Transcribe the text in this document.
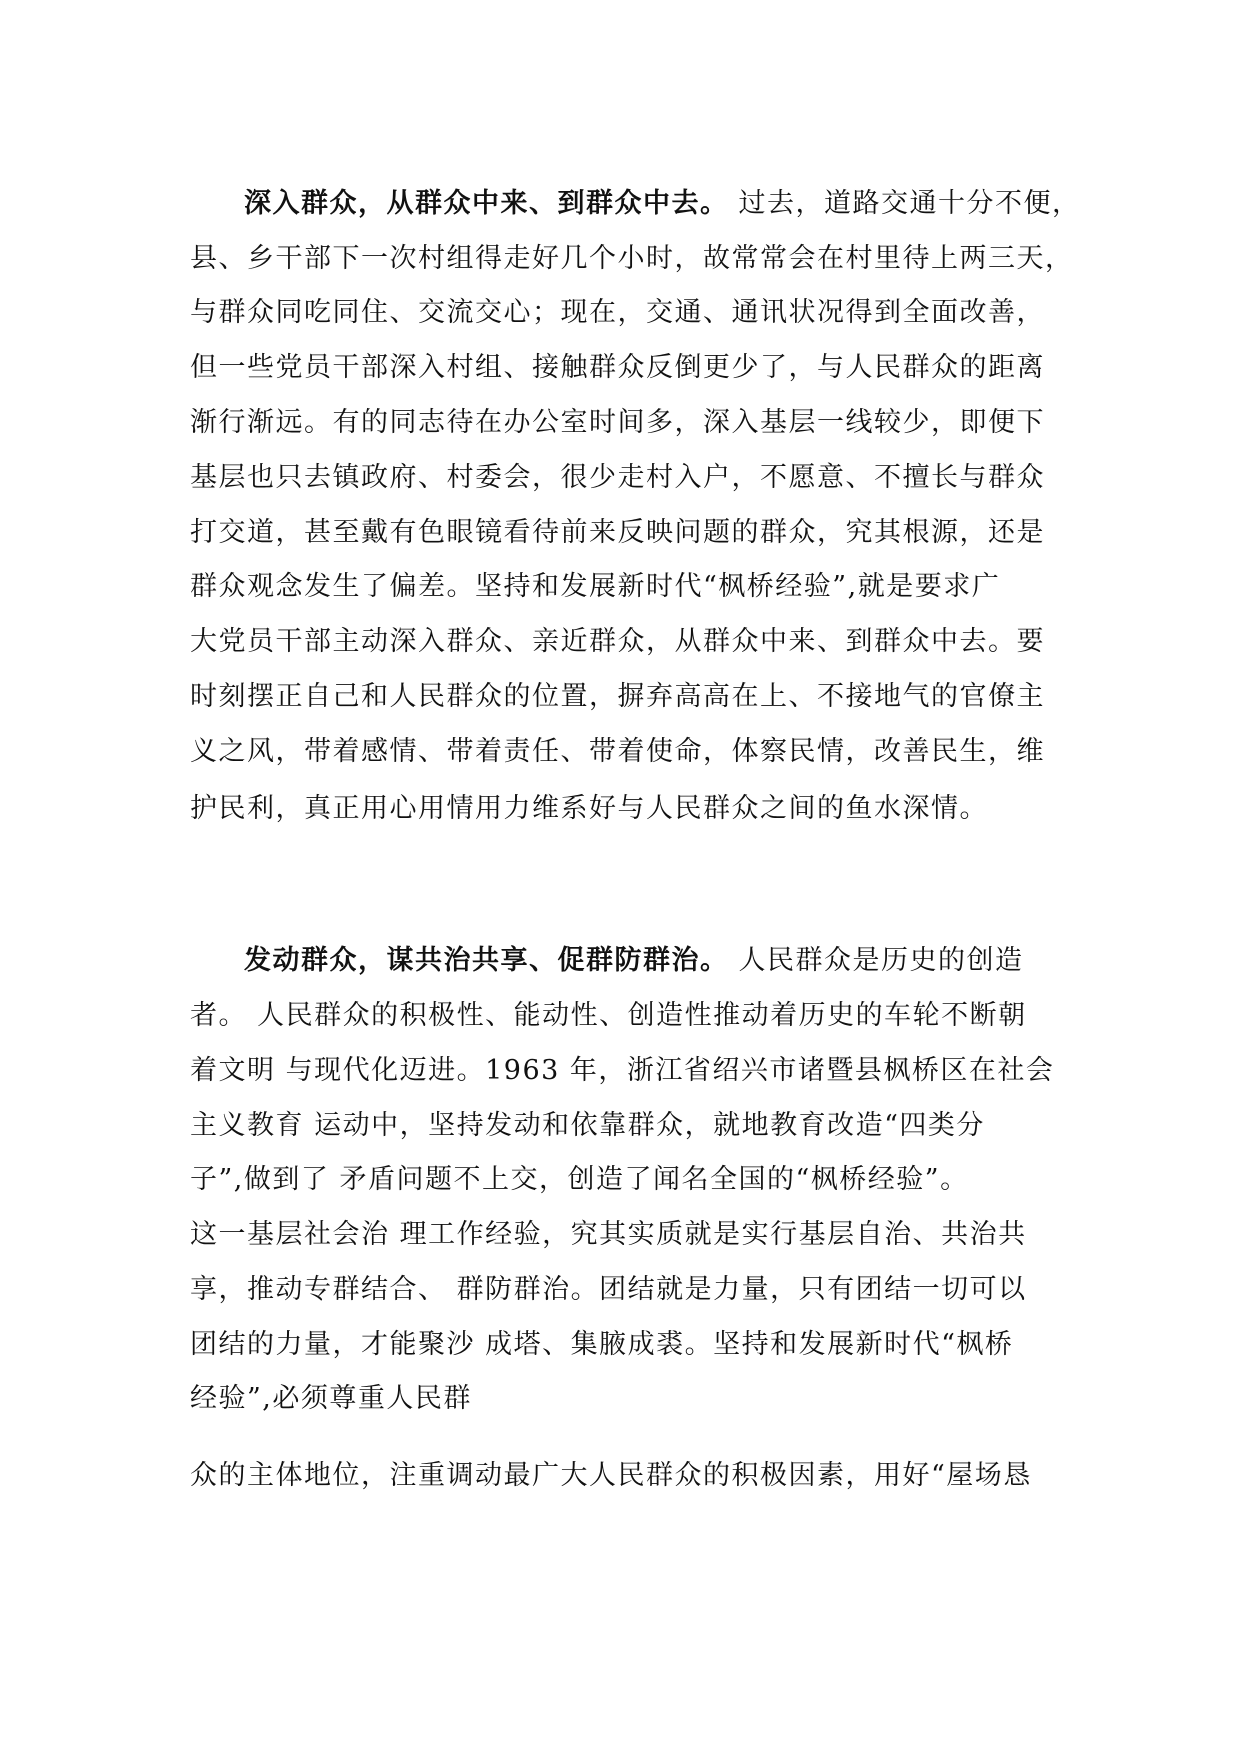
深入群众，从群众中来、到群众中去。 过去，道路交通十分不便，
县、乡干部下一次村组得走好几个小时，故常常会在村里待上两三天，
与群众同吃同住、交流交心；现在，交通、通讯状况得到全面改善，
但一些党员干部深入村组、接触群众反倒更少了，与人民群众的距离
渐行渐远。有的同志待在办公室时间多，深入基层一线较少，即便下
基层也只去镇政府、村委会，很少走村入户，不愿意、不擅长与群众
打交道，甚至戴有色眼镜看待前来反映问题的群众，究其根源，还是
群众观念发生了偏差。坚持和发展新时代“枫桥经验”,就是要求广
大党员干部主动深入群众、亲近群众，从群众中来、到群众中去。要
时刻摆正自己和人民群众的位置，摒弃高高在上、不接地气的官僚主
义之风，带着感情、带着责任、带着使命，体察民情，改善民生，维
护民利，真正用心用情用力维系好与人民群众之间的鱼水深情。
发动群众，谋共治共享、促群防群治。 人民群众是历史的创造
者。 人民群众的积极性、能动性、创造性推动着历史的车轮不断朝
着文明 与现代化迈进。1963 年，浙江省绍兴市诸暨县枫桥区在社会
主义教育 运动中，坚持发动和依靠群众，就地教育改造“四类分
子”,做到了 矛盾问题不上交，创造了闻名全国的“枫桥经验”。
这一基层社会治 理工作经验，究其实质就是实行基层自治、共治共
享，推动专群结合、 群防群治。团结就是力量，只有团结一切可以
团结的力量，才能聚沙 成塔、集腋成裘。坚持和发展新时代“枫桥
经验”,必须尊重人民群
众的主体地位，注重调动最广大人民群众的积极因素，用好“屋场恳
